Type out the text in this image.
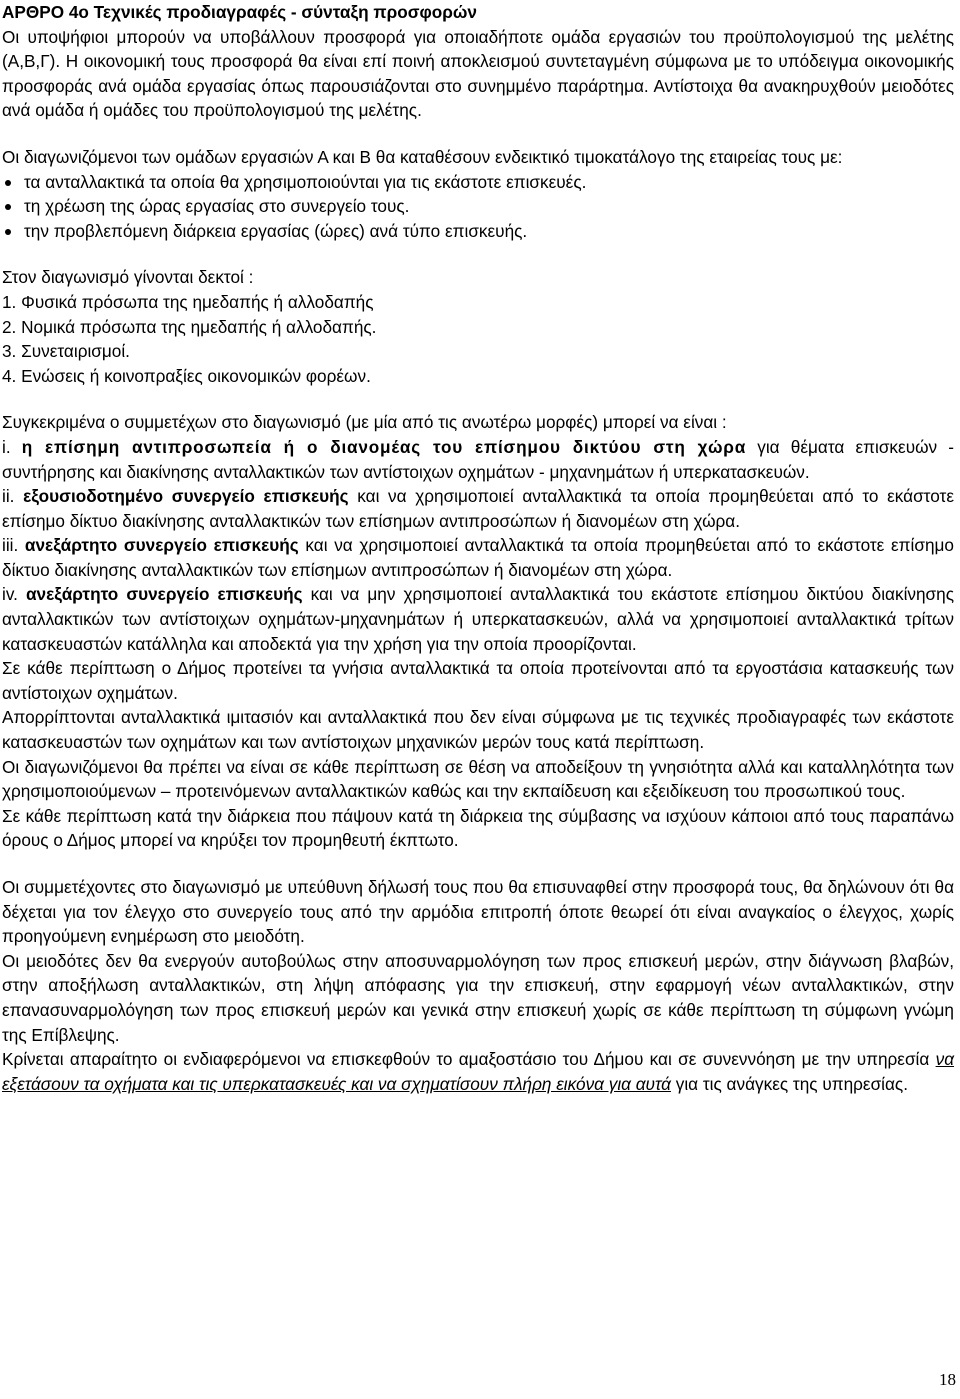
ΑΡΘΡΟ 4ο Τεχνικές προδιαγραφές - σύνταξη προσφορών

Οι υποψήφιοι μπορούν να υποβάλλουν προσφορά για οποιαδήποτε ομάδα εργασιών του προϋπολογισμού της μελέτης (Α,Β,Γ). Η οικονομική τους προσφορά θα είναι επί ποινή αποκλεισμού συντεταγμένη σύμφωνα με το υπόδειγμα οικονομικής προσφοράς ανά ομάδα εργασίας όπως παρουσιάζονται στο συνημμένο παράρτημα. Αντίστοιχα θα ανακηρυχθούν μειοδότες ανά ομάδα ή ομάδες του προϋπολογισμού της μελέτης.

Οι διαγωνιζόμενοι των ομάδων εργασιών Α και Β θα καταθέσουν ενδεικτικό τιμοκατάλογο της εταιρείας τους με:

τα ανταλλακτικά τα οποία θα χρησιμοποιούνται για τις εκάστοτε επισκευές.
τη χρέωση της ώρας εργασίας στο συνεργείο τους.
την προβλεπόμενη διάρκεια εργασίας (ώρες) ανά τύπο επισκευής.

Στον διαγωνισμό γίνονται δεκτοί :

1. Φυσικά πρόσωπα της ημεδαπής ή αλλοδαπής

2. Νομικά πρόσωπα της ημεδαπής ή αλλοδαπής.

3. Συνεταιρισμοί.

4. Ενώσεις ή κοινοπραξίες οικονομικών φορέων.

Συγκεκριμένα ο συμμετέχων στο διαγωνισμό (με μία από τις ανωτέρω μορφές) μπορεί να είναι :

i. η επίσημη αντιπροσωπεία ή ο διανομέας του επίσημου δικτύου στη χώρα για θέματα επισκευών - συντήρησης και διακίνησης ανταλλακτικών των αντίστοιχων οχημάτων - μηχανημάτων ή υπερκατασκευών.

ii. εξουσιοδοτημένο συνεργείο επισκευής και να χρησιμοποιεί ανταλλακτικά τα οποία προμηθεύεται από το εκάστοτε επίσημο δίκτυο διακίνησης ανταλλακτικών των επίσημων αντιπροσώπων ή διανομέων στη χώρα.

iii. ανεξάρτητο συνεργείο επισκευής και να χρησιμοποιεί ανταλλακτικά τα οποία προμηθεύεται από το εκάστοτε επίσημο δίκτυο διακίνησης ανταλλακτικών των επίσημων αντιπροσώπων ή διανομέων στη χώρα.

iv. ανεξάρτητο συνεργείο επισκευής και να μην χρησιμοποιεί ανταλλακτικά του εκάστοτε επίσημου δικτύου διακίνησης ανταλλακτικών των αντίστοιχων οχημάτων-μηχανημάτων ή υπερκατασκευών, αλλά να χρησιμοποιεί ανταλλακτικά τρίτων κατασκευαστών κατάλληλα και αποδεκτά για την χρήση για την οποία προορίζονται.

Σε κάθε περίπτωση ο Δήμος προτείνει τα γνήσια ανταλλακτικά τα οποία προτείνονται από τα εργοστάσια κατασκευής των αντίστοιχων οχημάτων.

Απορρίπτονται ανταλλακτικά ιμιτασιόν και ανταλλακτικά που δεν είναι σύμφωνα με τις τεχνικές προδιαγραφές των εκάστοτε κατασκευαστών των οχημάτων και των αντίστοιχων μηχανικών μερών τους κατά περίπτωση.

Οι διαγωνιζόμενοι θα πρέπει να είναι σε κάθε περίπτωση σε θέση να αποδείξουν τη γνησιότητα αλλά και καταλληλότητα των χρησιμοποιούμενων – προτεινόμενων ανταλλακτικών καθώς και την εκπαίδευση και εξειδίκευση του προσωπικού τους.

Σε κάθε περίπτωση κατά την διάρκεια που πάψουν κατά τη διάρκεια της σύμβασης να ισχύουν κάποιοι από τους παραπάνω όρους ο Δήμος μπορεί να κηρύξει τον προμηθευτή έκπτωτο.

Οι συμμετέχοντες στο διαγωνισμό με υπεύθυνη δήλωσή τους που θα επισυναφθεί στην προσφορά τους, θα δηλώνουν ότι θα δέχεται για τον έλεγχο στο συνεργείο τους από την αρμόδια επιτροπή όποτε θεωρεί ότι είναι αναγκαίος ο έλεγχος, χωρίς προηγούμενη ενημέρωση στο μειοδότη.

Οι μειοδότες δεν θα ενεργούν αυτοβούλως στην αποσυναρμολόγηση των προς επισκευή μερών, στην διάγνωση βλαβών, στην αποξήλωση ανταλλακτικών, στη λήψη απόφασης για την επισκευή, στην εφαρμογή νέων ανταλλακτικών, στην επανασυναρμολόγηση των προς επισκευή μερών και γενικά στην επισκευή χωρίς σε κάθε περίπτωση τη σύμφωνη γνώμη της Επίβλεψης.

Κρίνεται απαραίτητο οι ενδιαφερόμενοι να επισκεφθούν το αμαξοστάσιο του Δήμου και σε συνεννόηση με την υπηρεσία να εξετάσουν τα οχήματα και τις υπερκατασκευές και να σχηματίσουν πλήρη εικόνα για αυτά για τις ανάγκες της υπηρεσίας.

18
